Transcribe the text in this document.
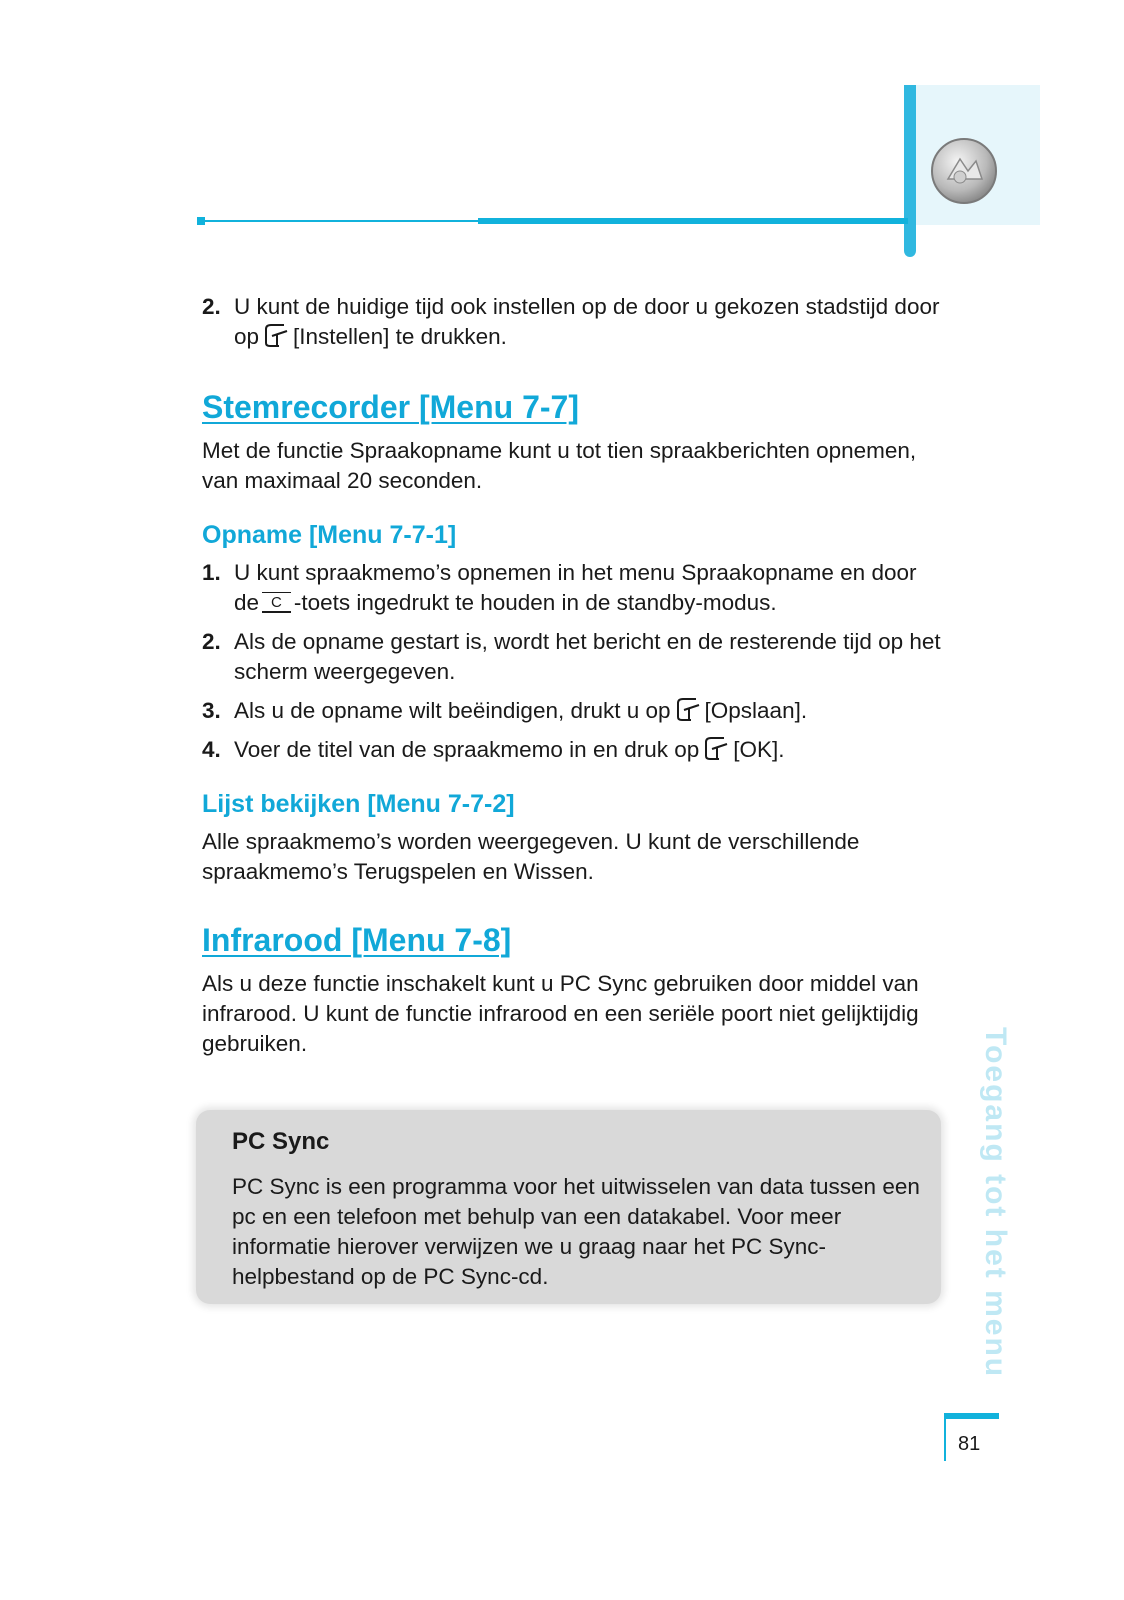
2. U kunt de huidige tijd ook instellen op de door u gekozen stadstijd door op [Instellen] te drukken.
Stemrecorder [Menu 7-7]

Met de functie Spraakopname kunt u tot tien spraakberichten opnemen, van maximaal 20 seconden.

Opname [Menu 7-7-1]
1. U kunt spraakmemo’s opnemen in het menu Spraakopname en door de C -toets ingedrukt te houden in de standby-modus.
2. Als de opname gestart is, wordt het bericht en de resterende tijd op het scherm weergegeven.
3. Als u de opname wilt beëindigen, drukt u op [Opslaan].
4. Voer de titel van de spraakmemo in en druk op [OK].
Lijst bekijken [Menu 7-7-2]

Alle spraakmemo’s worden weergegeven. U kunt de verschillende spraakmemo’s Terugspelen en Wissen.

Infrarood [Menu 7-8]

Als u deze functie inschakelt kunt u PC Sync gebruiken door middel van infrarood. U kunt de functie infrarood en een seriële poort niet gelijktijdig gebruiken.

PC Sync
PC Sync is een programma voor het uitwisselen van data tussen een pc en een telefoon met behulp van een datakabel. Voor meer informatie hierover verwijzen we u graag naar het PC Sync-helpbestand op de PC Sync-cd.	Toegang tot het menu
81
